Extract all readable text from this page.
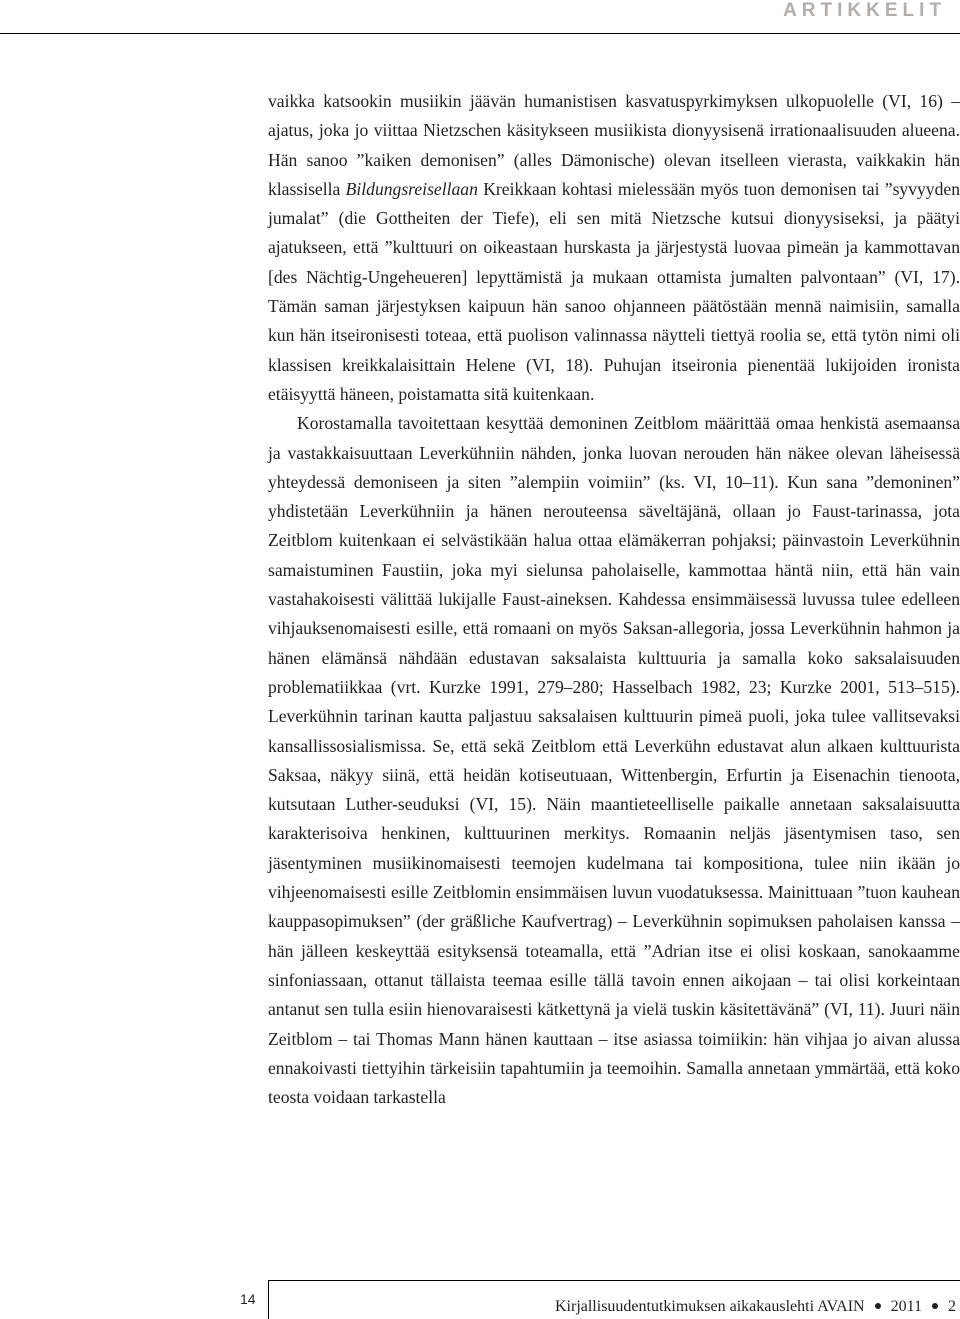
ARTIKKELIT

vaikka katsookin musiikin jäävän humanistisen kasvatuspyrkimyksen ulkopuolelle (VI, 16) – ajatus, joka jo viittaa Nietzschen käsitykseen musiikista dionyysisenä irrationaalisuuden alueena. Hän sanoo ”kaiken demonisen” (alles Dämonische) olevan itselleen vierasta, vaikkakin hän klassisella Bildungsreisellaan Kreikkaan kohtasi mielessään myös tuon demonisen tai ”syvyyden jumalat” (die Gottheiten der Tiefe), eli sen mitä Nietzsche kutsui dionyysiseksi, ja päätyi ajatukseen, että ”kulttuuri on oikeastaan hurskasta ja järjestystä luovaa pimeän ja kammottavan [des Nächtig-Ungeheueren] lepyttämistä ja mukaan ottamista jumalten palvontaan” (VI, 17). Tämän saman järjestyksen kaipuun hän sanoo ohjanneen päätöstään mennä naimisiin, samalla kun hän itseironisesti toteaa, että puolison valinnassa näytteli tiettyä roolia se, että tytön nimi oli klassisen kreikkalaisittain Helene (VI, 18). Puhujan itseironia pienentää lukijoiden ironista etäisyyttä häneen, poistamatta sitä kuitenkaan.

Korostamalla tavoitettaan kesyttää demoninen Zeitblom määrittää omaa henkistä asemaansa ja vastakkaisuuttaan Leverkühniin nähden, jonka luovan nerouden hän näkee olevan läheisessä yhteydessä demoniseen ja siten ”alempiin voimiin” (ks. VI, 10–11). Kun sana ”demoninen” yhdistetään Leverkühniin ja hänen nerouteensa säveltäjänä, ollaan jo Faust-tarinassa, jota Zeitblom kuitenkaan ei selvästikään halua ottaa elämäkerran pohjaksi; päinvastoin Leverkühnin samaistuminen Faustiin, joka myi sielunsa paholaiselle, kammottaa häntä niin, että hän vain vastahakoisesti välittää lukijalle Faust-aineksen. Kahdessa ensimmäisessä luvussa tulee edelleen vihjauksenomaisesti esille, että romaani on myös Saksan-allegoria, jossa Leverkühnin hahmon ja hänen elämänsä nähdään edustavan saksalaista kulttuuria ja samalla koko saksalaisuuden problematiikkaa (vrt. Kurzke 1991, 279–280; Hasselbach 1982, 23; Kurzke 2001, 513–515). Leverkühnin tarinan kautta paljastuu saksalaisen kulttuurin pimeä puoli, joka tulee vallitsevaksi kansallissosialismissa. Se, että sekä Zeitblom että Leverkühn edustavat alun alkaen kulttuurista Saksaa, näkyy siinä, että heidän kotiseutuaan, Wittenbergin, Erfurtin ja Eisenachin tienoota, kutsutaan Luther-seuduksi (VI, 15). Näin maantieteelliselle paikalle annetaan saksalaisuutta karakterisoiva henkinen, kulttuurinen merkitys. Romaanin neljäs jäsentymisen taso, sen jäsentyminen musiikinomaisesti teemojen kudelmana tai kompositiona, tulee niin ikään jo vihjeenomaisesti esille Zeitblomin ensimmäisen luvun vuodatuksessa. Mainittuaan ”tuon kauhean kauppasopimuksen” (der gräßliche Kaufvertrag) – Leverkühnin sopimuksen paholaisen kanssa – hän jälleen keskeyttää esityksensä toteamalla, että ”Adrian itse ei olisi koskaan, sanokaamme sinfoniassaan, ottanut tällaista teemaa esille tällä tavoin ennen aikojaan – tai olisi korkeintaan antanut sen tulla esiin hienovaraisesti kätkettynä ja vielä tuskin käsitettävänä” (VI, 11). Juuri näin Zeitblom – tai Thomas Mann hänen kauttaan – itse asiassa toimiikin: hän vihjaa jo aivan alussa ennakoivasti tiettyihin tärkeisiin tapahtumiin ja teemoihin. Samalla annetaan ymmärtää, että koko teosta voidaan tarkastella

14	Kirjallisuudentutkimuksen aikakauslehti AVAIN 2011 2
